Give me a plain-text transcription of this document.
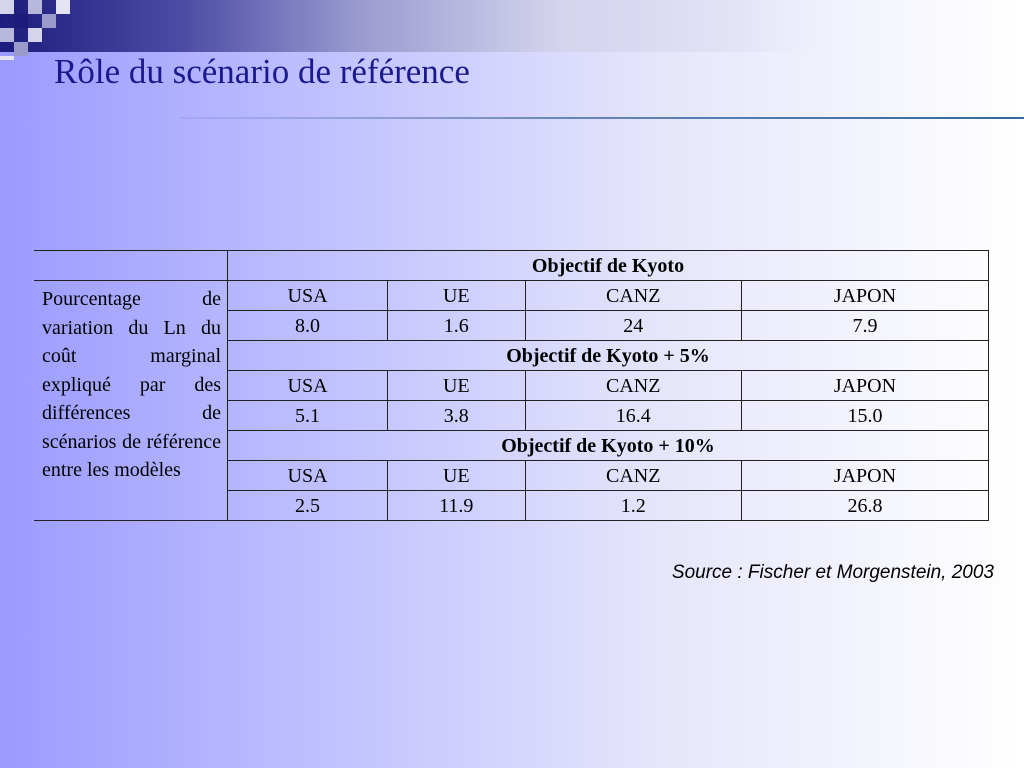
Rôle du scénario de référence
	Objectif de Kyoto			
Pourcentage de variation du Ln du coût marginal expliqué par des différences de scénarios de référence entre les modèles	USA	UE	CANZ	JAPON
	8.0	1.6	24	7.9
	Objectif de Kyoto + 5%			
	USA	UE	CANZ	JAPON
	5.1	3.8	16.4	15.0
	Objectif de Kyoto + 10%			
	USA	UE	CANZ	JAPON
	2.5	11.9	1.2	26.8
Source : Fischer et Morgenstein, 2003
